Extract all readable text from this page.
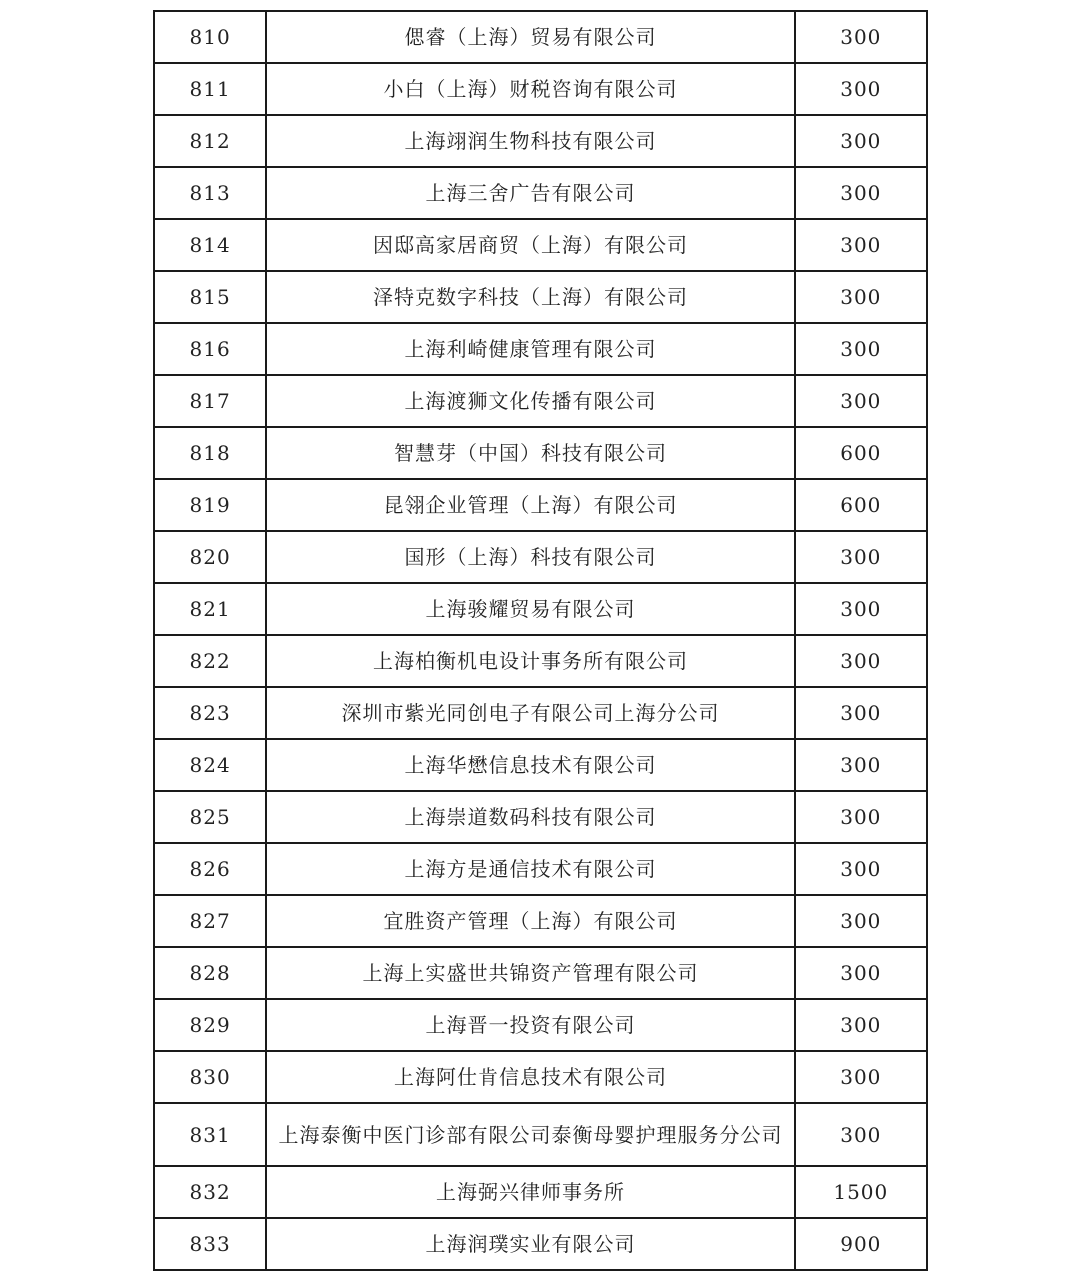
810	偲睿（上海）贸易有限公司	300
811	小白（上海）财税咨询有限公司	300
812	上海翊润生物科技有限公司	300
813	上海三舍广告有限公司	300
814	因邸高家居商贸（上海）有限公司	300
815	泽特克数字科技（上海）有限公司	300
816	上海利崎健康管理有限公司	300
817	上海渡狮文化传播有限公司	300
818	智慧芽（中国）科技有限公司	600
819	昆翎企业管理（上海）有限公司	600
820	国形（上海）科技有限公司	300
821	上海骏耀贸易有限公司	300
822	上海柏衡机电设计事务所有限公司	300
823	深圳市紫光同创电子有限公司上海分公司	300
824	上海华懋信息技术有限公司	300
825	上海崇道数码科技有限公司	300
826	上海方是通信技术有限公司	300
827	宜胜资产管理（上海）有限公司	300
828	上海上实盛世共锦资产管理有限公司	300
829	上海晋一投资有限公司	300
830	上海阿仕肯信息技术有限公司	300
831	上海泰衡中医门诊部有限公司泰衡母婴护理服务分公司	300
832	上海弼兴律师事务所	1500
833	上海润璞实业有限公司	900
